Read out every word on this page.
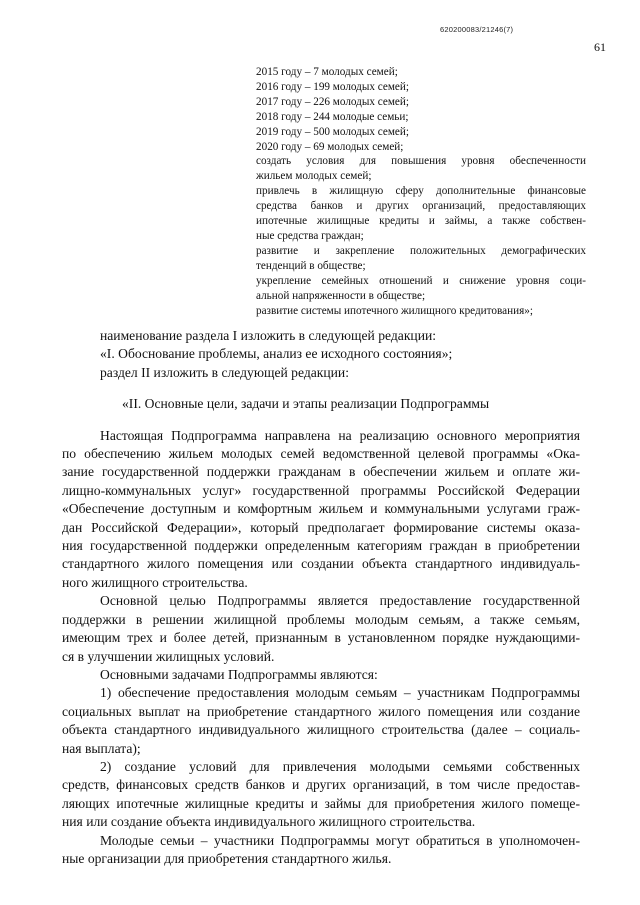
620200083/21246(7)
61
2015 году – 7 молодых семей;
2016 году – 199 молодых семей;
2017 году – 226 молодых семей;
2018 году – 244 молодые семьи;
2019 году – 500 молодых семей;
2020 году – 69 молодых семей;
создать условия для повышения уровня обеспеченности
жильем молодых семей;
привлечь в жилищную сферу дополнительные финансовые
средства банков и других организаций, предоставляющих
ипотечные жилищные кредиты и займы, а также собствен-
ные средства граждан;
развитие и закрепление положительных демографических
тенденций в обществе;
укрепление семейных отношений и снижение уровня соци-
альной напряженности в обществе;
развитие системы ипотечного жилищного кредитования»;

наименование раздела I изложить в следующей редакции:

«I. Обоснование проблемы, анализ ее исходного состояния»;

раздел II изложить в следующей редакции:

«II. Основные цели, задачи и этапы реализации Подпрограммы

Настоящая Подпрограмма направлена на реализацию основного мероприятия
по обеспечению жильем молодых семей ведомственной целевой программы «Ока-
зание государственной поддержки гражданам в обеспечении жильем и оплате жи-
лищно-коммунальных услуг» государственной программы Российской Федерации
«Обеспечение доступным и комфортным жильем и коммунальными услугами граж-
дан Российской Федерации», который предполагает формирование системы оказа-
ния государственной поддержки определенным категориям граждан в приобретении
стандартного жилого помещения или создании объекта стандартного индивидуаль-
ного жилищного строительства.
Основной целью Подпрограммы является предоставление государственной
поддержки в решении жилищной проблемы молодым семьям, а также семьям,
имеющим трех и более детей, признанным в установленном порядке нуждающими-
ся в улучшении жилищных условий.
Основными задачами Подпрограммы являются:
1) обеспечение предоставления молодым семьям – участникам Подпрограммы
социальных выплат на приобретение стандартного жилого помещения или создание
объекта стандартного индивидуального жилищного строительства (далее – социаль-
ная выплата);
2) создание условий для привлечения молодыми семьями собственных
средств, финансовых средств банков и других организаций, в том числе предостав-
ляющих ипотечные жилищные кредиты и займы для приобретения жилого помеще-
ния или создание объекта индивидуального жилищного строительства.
Молодые семьи – участники Подпрограммы могут обратиться в уполномочен-
ные организации для приобретения стандартного жилья.
